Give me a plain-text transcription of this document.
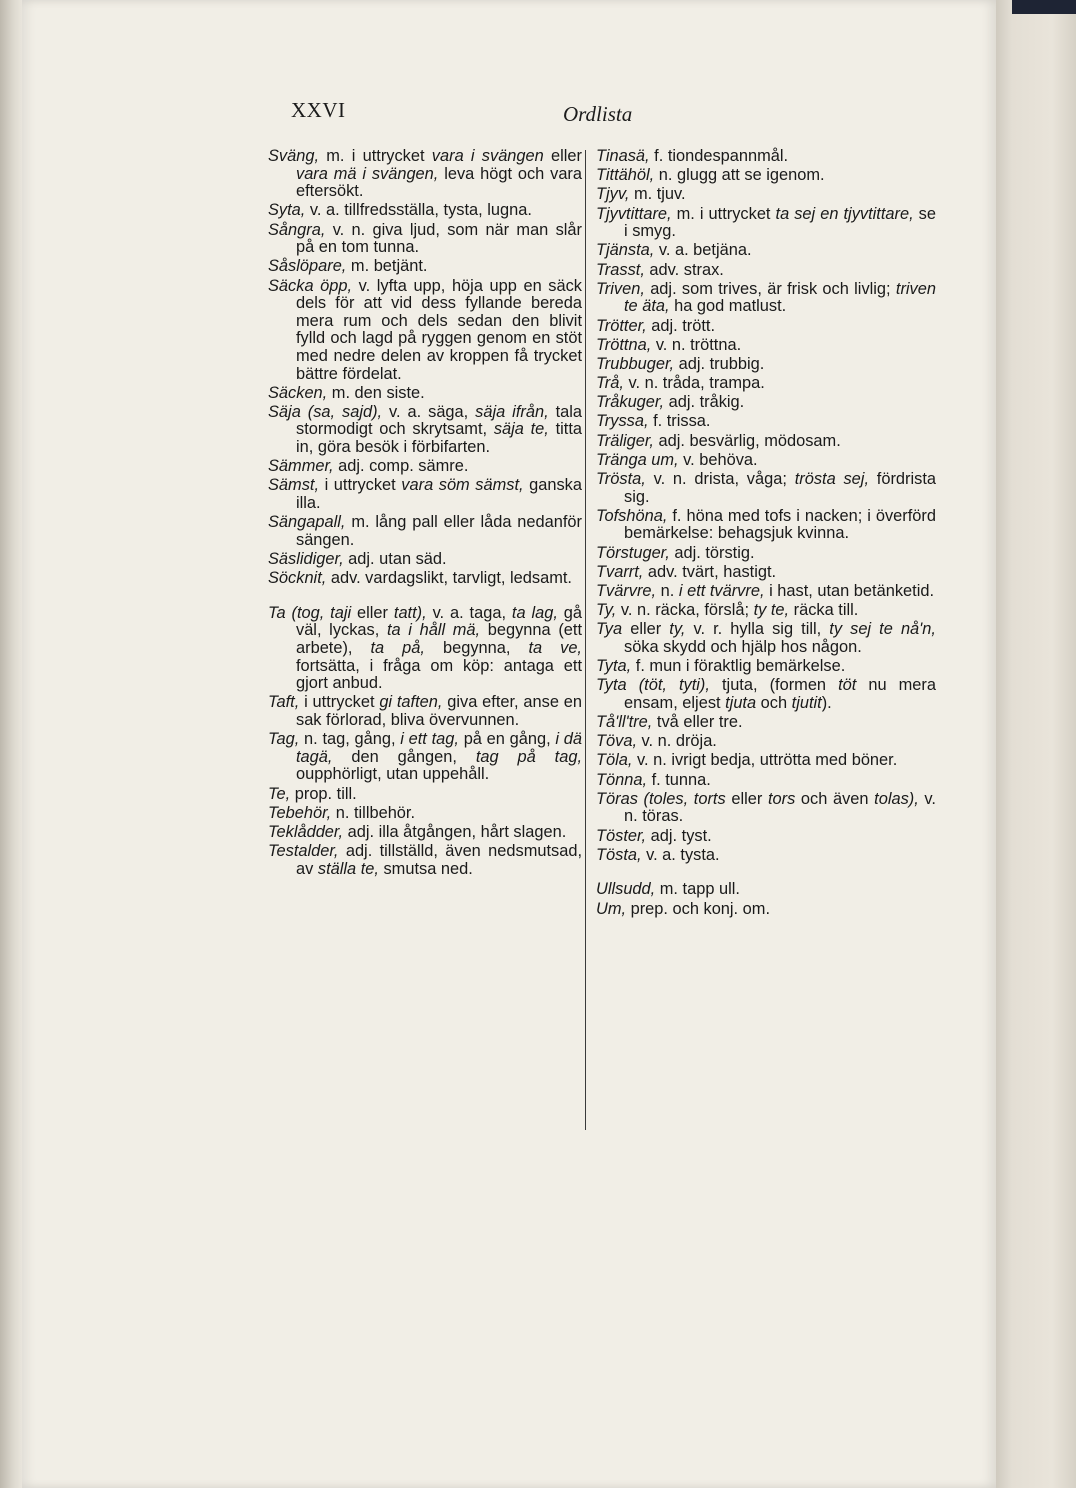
XXVI	Ordlista

Sväng, m. i uttrycket vara i svängen eller vara mä i svängen, leva högt och vara eftersökt.

Syta, v. a. tillfredsställa, tysta, lugna.

Sångra, v. n. giva ljud, som när man slår på en tom tunna.

Såslöpare, m. betjänt.

Säcka öpp, v. lyfta upp, höja upp en säck dels för att vid dess fyllande bereda mera rum och dels sedan den blivit fylld och lagd på ryggen genom en stöt med nedre delen av kroppen få trycket bättre fördelat.

Säcken, m. den siste.

Säja (sa, sajd), v. a. säga, säja ifrån, tala stormodigt och skrytsamt, säja te, titta in, göra besök i förbifarten.

Sämmer, adj. comp. sämre.

Sämst, i uttrycket vara söm sämst, ganska illa.

Sängapall, m. lång pall eller låda nedanför sängen.

Säslidiger, adj. utan säd.

Söcknit, adv. vardagslikt, tarvligt, ledsamt.

Ta (tog, taji eller tatt), v. a. taga, ta lag, gå väl, lyckas, ta i håll mä, begynna (ett arbete), ta på, begynna, ta ve, fortsätta, i fråga om köp: antaga ett gjort anbud.

Taft, i uttrycket gi taften, giva efter, anse en sak förlorad, bliva övervunnen.

Tag, n. tag, gång, i ett tag, på en gång, i dä tagä, den gången, tag på tag, oupphörligt, utan uppehåll.

Te, prop. till.

Tebehör, n. tillbehör.

Teklådder, adj. illa åtgången, hårt slagen.

Testalder, adj. tillställd, även nedsmutsad, av ställa te, smutsa ned.

Tinasä, f. tiondespannmål.

Tittähöl, n. glugg att se igenom.

Tjyv, m. tjuv.

Tjyvtittare, m. i uttrycket ta sej en tjyvtittare, se i smyg.

Tjänsta, v. a. betjäna.

Trasst, adv. strax.

Triven, adj. som trives, är frisk och livlig; triven te äta, ha god matlust.

Trötter, adj. trött.

Tröttna, v. n. tröttna.

Trubbuger, adj. trubbig.

Trå, v. n. tråda, trampa.

Tråkuger, adj. tråkig.

Tryssa, f. trissa.

Träliger, adj. besvärlig, mödosam.

Tränga um, v. behöva.

Trösta, v. n. drista, våga; trösta sej, fördrista sig.

Tofshöna, f. höna med tofs i nacken; i överförd bemärkelse: behagsjuk kvinna.

Törstuger, adj. törstig.

Tvarrt, adv. tvärt, hastigt.

Tvärvre, n. i ett tvärvre, i hast, utan betänketid.

Ty, v. n. räcka, förslå; ty te, räcka till.

Tya eller ty, v. r. hylla sig till, ty sej te nå'n, söka skydd och hjälp hos någon.

Tyta, f. mun i föraktlig bemärkelse.

Tyta (töt, tyti), tjuta, (formen töt nu mera ensam, eljest tjuta och tjutit).

Tå'll'tre, två eller tre.

Töva, v. n. dröja.

Töla, v. n. ivrigt bedja, uttrötta med böner.

Tönna, f. tunna.

Töras (toles, torts eller tors och även tolas), v. n. töras.

Töster, adj. tyst.

Tösta, v. a. tysta.

Ullsudd, m. tapp ull.

Um, prep. och konj. om.
